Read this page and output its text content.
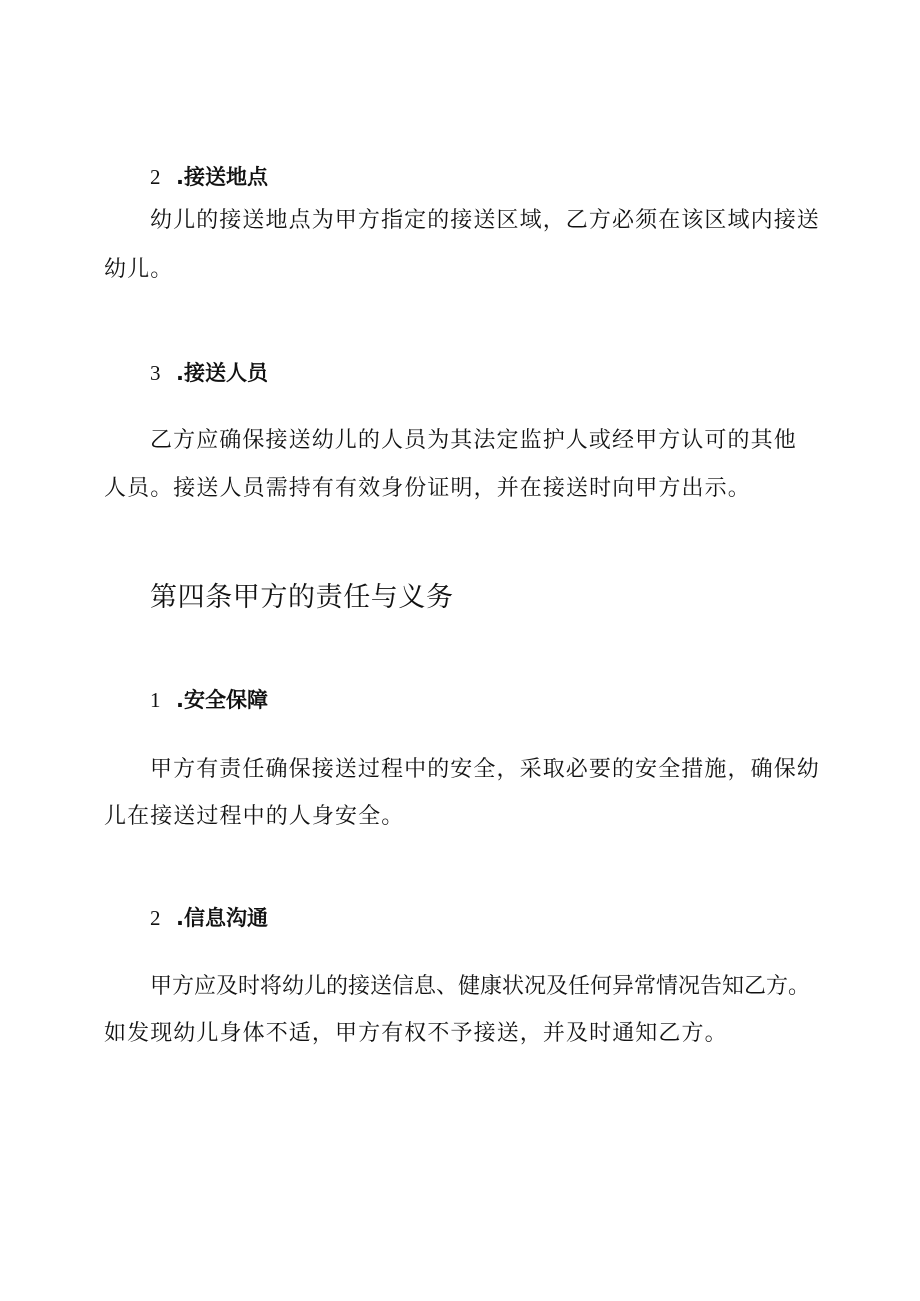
2 .接送地点
幼儿的接送地点为甲方指定的接送区域，乙方必须在该区域内接送
幼儿。
3 .接送人员
乙方应确保接送幼儿的人员为其法定监护人或经甲方认可的其他
人员。接送人员需持有有效身份证明，并在接送时向甲方出示。
第四条甲方的责任与义务
1 .安全保障
甲方有责任确保接送过程中的安全，采取必要的安全措施，确保幼
儿在接送过程中的人身安全。
2 .信息沟通
甲方应及时将幼儿的接送信息、健康状况及任何异常情况告知乙方。
如发现幼儿身体不适，甲方有权不予接送，并及时通知乙方。
